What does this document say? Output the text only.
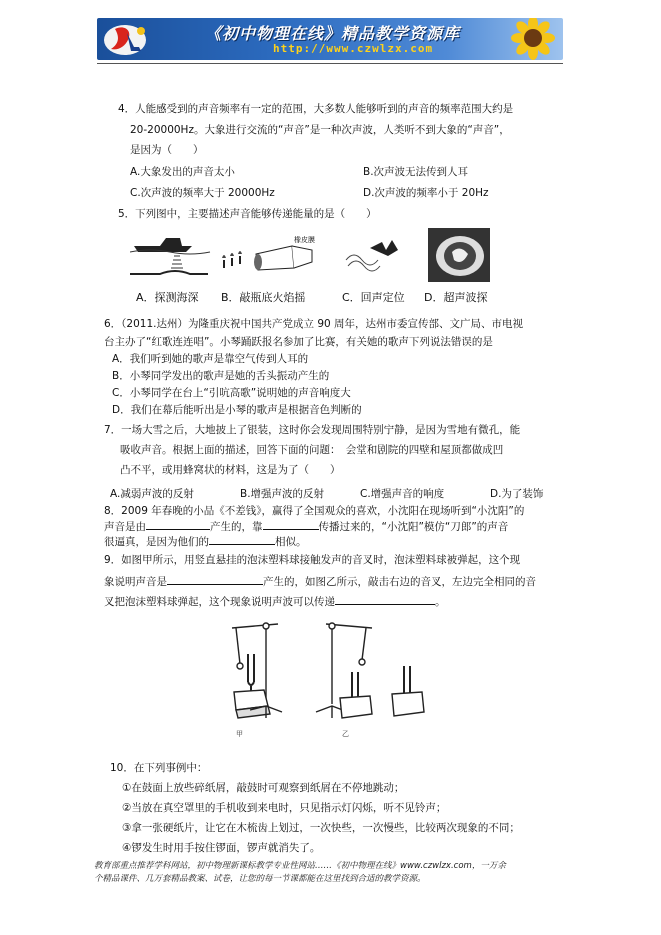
《初中物理在线》精品教学资源库
http://www.czwlzx.com
4．人能感受到的声音频率有一定的范围，大多数人能够听到的声音的频率范围大约是
20-20000Hz。大象进行交流的“声音”是一种次声波，人类听不到大象的“声音”，
是因为（　　）
A.大象发出的声音太小	B.次声波无法传到人耳
C.次声波的频率大于 20000Hz	D.次声波的频率小于 20Hz
5．下列图中，主要描述声音能够传递能量的是（　　）
橡皮膜
A．探测海深 B．敲瓶底火焰摇	C．回声定位 D．超声波探
6．（2011.达州）为隆重庆祝中国共产党成立 90 周年，达州市委宣传部、文广局、市电视
台主办了“红歌连连唱”。小琴踊跃报名参加了比赛，有关她的歌声下列说法错误的是
A．我们听到她的歌声是靠空气传到人耳的
B．小琴同学发出的歌声是她的舌头振动产生的
C．小琴同学在台上“引吭高歌”说明她的声音响度大
D．我们在幕后能听出是小琴的歌声是根据音色判断的
7．一场大雪之后，大地披上了银装，这时你会发现周围特别宁静，是因为雪地有微孔，能
吸收声音。根据上面的描述，回答下面的问题：　会堂和剧院的四壁和屋顶都做成凹
凸不平，或用蜂窝状的材料，这是为了（　　）
A.减弱声波的反射	B.增强声波的反射	C.增强声音的响度	D.为了装饰
8．2009 年春晚的小品《不差钱》，赢得了全国观众的喜欢，小沈阳在现场听到“小沈阳”的
声音是由	产生的，靠	传播过来的，“小沈阳”模仿“刀郎”的声音
很逼真，是因为他们的	相似。
9．如图甲所示，用竖直悬挂的泡沫塑料球接触发声的音叉时，泡沫塑料球被弹起，这个现
象说明声音是	产生的，如图乙所示，敲击右边的音叉，左边完全相同的音
叉把泡沫塑料球弹起，这个现象说明声波可以传递	。
甲	乙
10．在下列事例中：
①在鼓面上放些碎纸屑，敲鼓时可观察到纸屑在不停地跳动；
②当放在真空罩里的手机收到来电时，只见指示灯闪烁，听不见铃声；
③拿一张硬纸片，让它在木梳齿上划过，一次快些，一次慢些，比较两次现象的不同；
④锣发生时用手按住锣面，锣声就消失了。
教育部重点推荐学科网站，初中物理新课标教学专业性网站……《初中物理在线》www.czwlzx.com，一万余
个精品课件、几万套精品教案、试卷，让您的每一节课都能在这里找到合适的教学资源。
